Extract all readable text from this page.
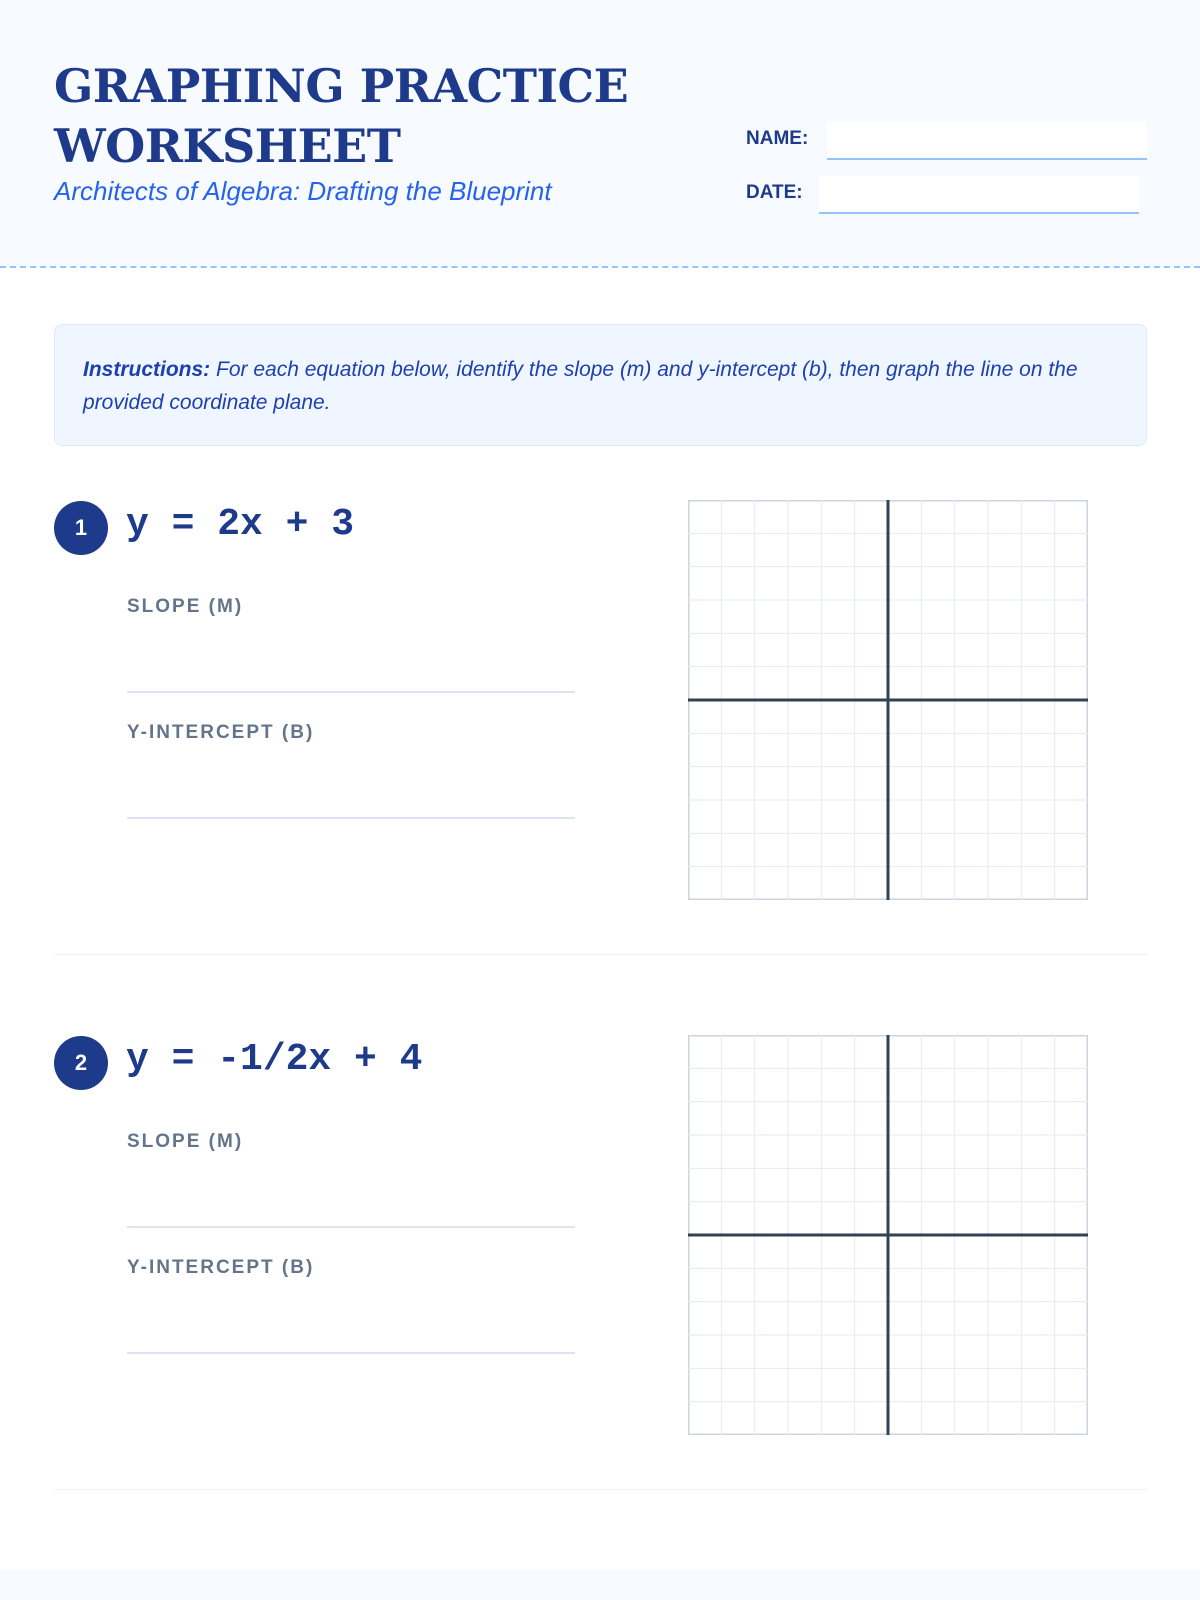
GRAPHING PRACTICE
WORKSHEET
Architects of Algebra: Drafting the Blueprint
NAME:
DATE:
Instructions: For each equation below, identify the slope (m) and y-intercept (b), then graph the line on the provided coordinate plane.
1	y = 2x + 3
SLOPE (M)
Y-INTERCEPT (B)
2	y = -1/2x + 4
SLOPE (M)
Y-INTERCEPT (B)
